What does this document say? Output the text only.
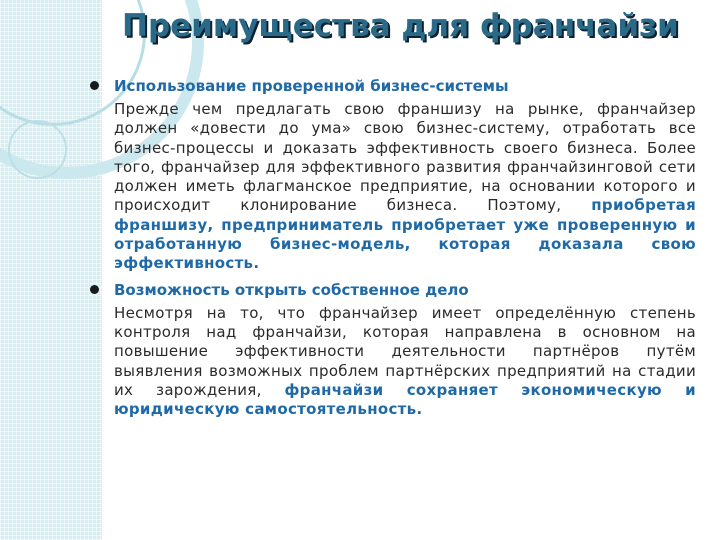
Использование проверенной бизнес-системы

Прежде чем предлагать свою франшизу на рынке, франчайзер должен «довести до ума» свою бизнес-систему, отработать все бизнес-процессы и доказать эффективность своего бизнеса. Более того, франчайзер для эффективного развития франчайзинговой сети должен иметь флагманское предприятие, на основании которого и происходит клонирование бизнеса. Поэтому, приобретая франшизу, предприниматель приобретает уже проверенную и отработанную бизнес-модель, которая доказала свою эффективность.

Возможность открыть собственное дело

Несмотря на то, что франчайзер имеет определённую степень контроля над франчайзи, которая направлена в основном на повышение эффективности деятельности партнёров путём выявления возможных проблем партнёрских предприятий на стадии их зарождения, франчайзи сохраняет экономическую и юридическую самостоятельность.

Преимущества для франчайзи
